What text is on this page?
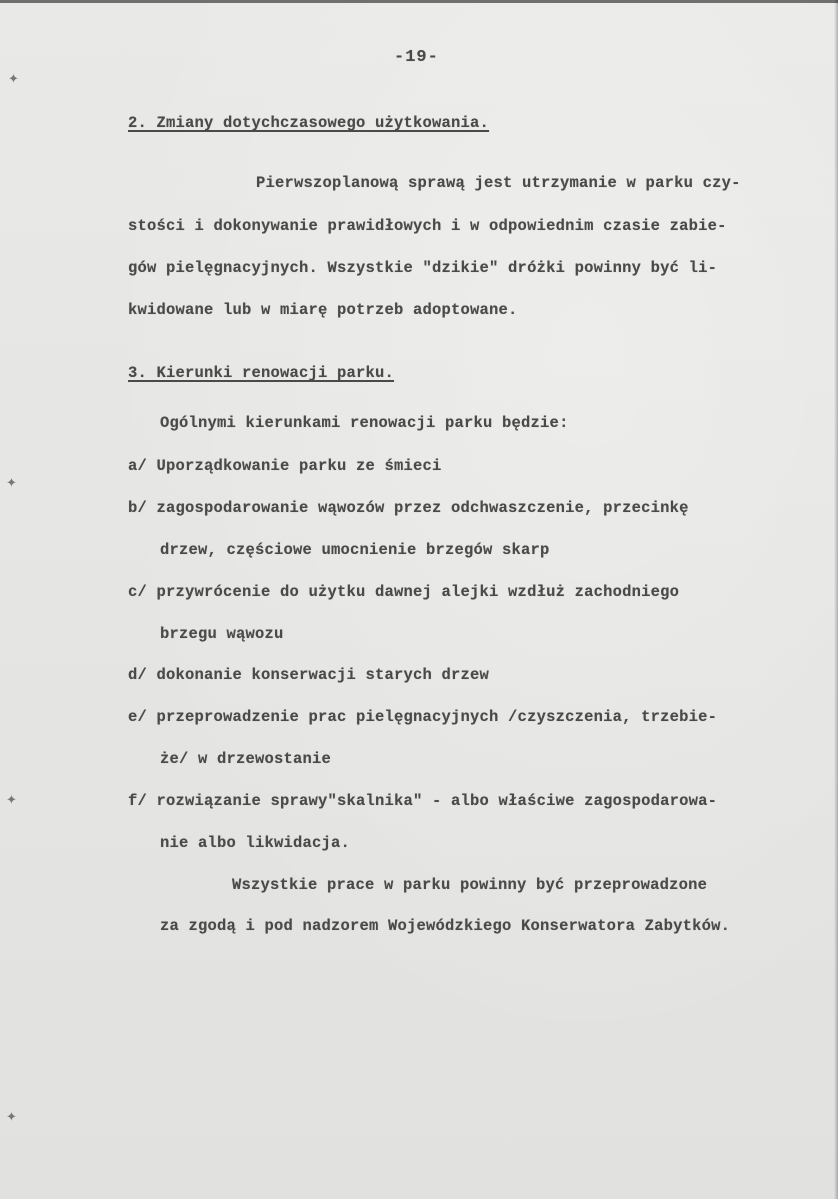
✦
✦
✦
✦
-19-
2. Zmiany dotychczasowego użytkowania.
Pierwszoplanową sprawą jest utrzymanie w parku czy-
stości i dokonywanie prawidłowych i w odpowiednim czasie zabie-
gów pielęgnacyjnych. Wszystkie "dzikie" dróżki powinny być li-
kwidowane lub w miarę potrzeb adoptowane.
3. Kierunki renowacji parku.
Ogólnymi kierunkami renowacji parku będzie:
a/ Uporządkowanie parku ze śmieci
b/ zagospodarowanie wąwozów przez odchwaszczenie, przecinkę
drzew, częściowe umocnienie brzegów skarp
c/ przywrócenie do użytku dawnej alejki wzdłuż zachodniego
brzegu wąwozu
d/ dokonanie konserwacji starych drzew
e/ przeprowadzenie prac pielęgnacyjnych /czyszczenia, trzebie-
że/ w drzewostanie
f/ rozwiązanie sprawy"skalnika" - albo właściwe zagospodarowa-
nie albo likwidacja.
Wszystkie prace w parku powinny być przeprowadzone
za zgodą i pod nadzorem Wojewódzkiego Konserwatora Zabytków.
